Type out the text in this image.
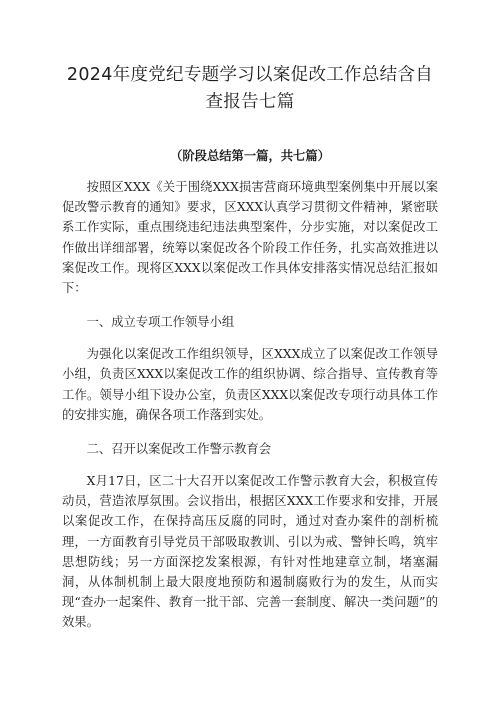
2024年度党纪专题学习以案促改工作总结含自查报告七篇
（阶段总结第一篇，共七篇）

按照区XXX《关于围绕XXX损害营商环境典型案例集中开展以案促改警示教育的通知》要求，区XXX认真学习贯彻文件精神，紧密联系工作实际，重点围绕违纪违法典型案件，分步实施，对以案促改工作做出详细部署，统筹以案促改各个阶段工作任务，扎实高效推进以案促改工作。现将区XXX以案促改工作具体安排落实情况总结汇报如下：

一、成立专项工作领导小组

为强化以案促改工作组织领导，区XXX成立了以案促改工作领导小组，负责区XXX以案促改工作的组织协调、综合指导、宣传教育等工作。领导小组下设办公室，负责区XXX以案促改专项行动具体工作的安排实施，确保各项工作落到实处。

二、召开以案促改工作警示教育会

X月17日，区二十大召开以案促改工作警示教育大会，积极宣传动员，营造浓厚氛围。会议指出，根据区XXX工作要求和安排，开展以案促改工作，在保持高压反腐的同时，通过对查办案件的剖析梳理，一方面教育引导党员干部吸取教训、引以为戒、警钟长鸣，筑牢思想防线；另一方面深挖发案根源，有针对性地建章立制，堵塞漏洞，从体制机制上最大限度地预防和遏制腐败行为的发生，从而实现“查办一起案件、教育一批干部、完善一套制度、解决一类问题”的效果。
